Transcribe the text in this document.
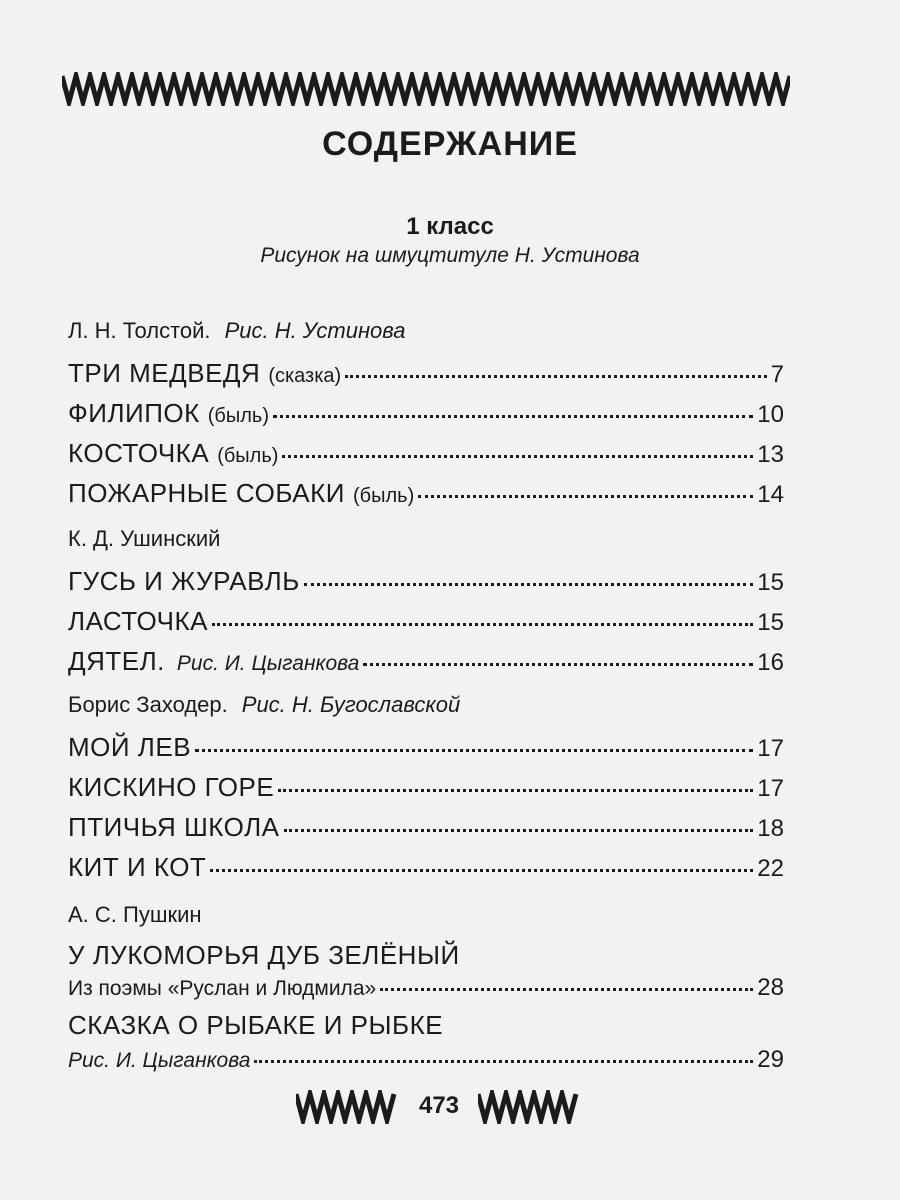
СОДЕРЖАНИЕ
1 класс
Рисунок на шмуцтитуле Н. Устинова
Л. Н. Толстой. Рис. Н. Устинова
ТРИ МЕДВЕДЯ (сказка)	7
ФИЛИПОК (быль)	10
КОСТОЧКА (быль)	13
ПОЖАРНЫЕ СОБАКИ (быль)	14
К. Д. Ушинский
ГУСЬ И ЖУРАВЛЬ	15
ЛАСТОЧКА	15
ДЯТЕЛ. Рис. И. Цыганкова	16
Борис Заходер. Рис. Н. Бугославской
МОЙ ЛЕВ	17
КИСКИНО ГОРЕ	17
ПТИЧЬЯ ШКОЛА	18
КИТ И КОТ	22
А. С. Пушкин
У ЛУКОМОРЬЯ ДУБ ЗЕЛЁНЫЙ
Из поэмы «Руслан и Людмила»	28
СКАЗКА О РЫБАКЕ И РЫБКЕ
Рис. И. Цыганкова	29
473
